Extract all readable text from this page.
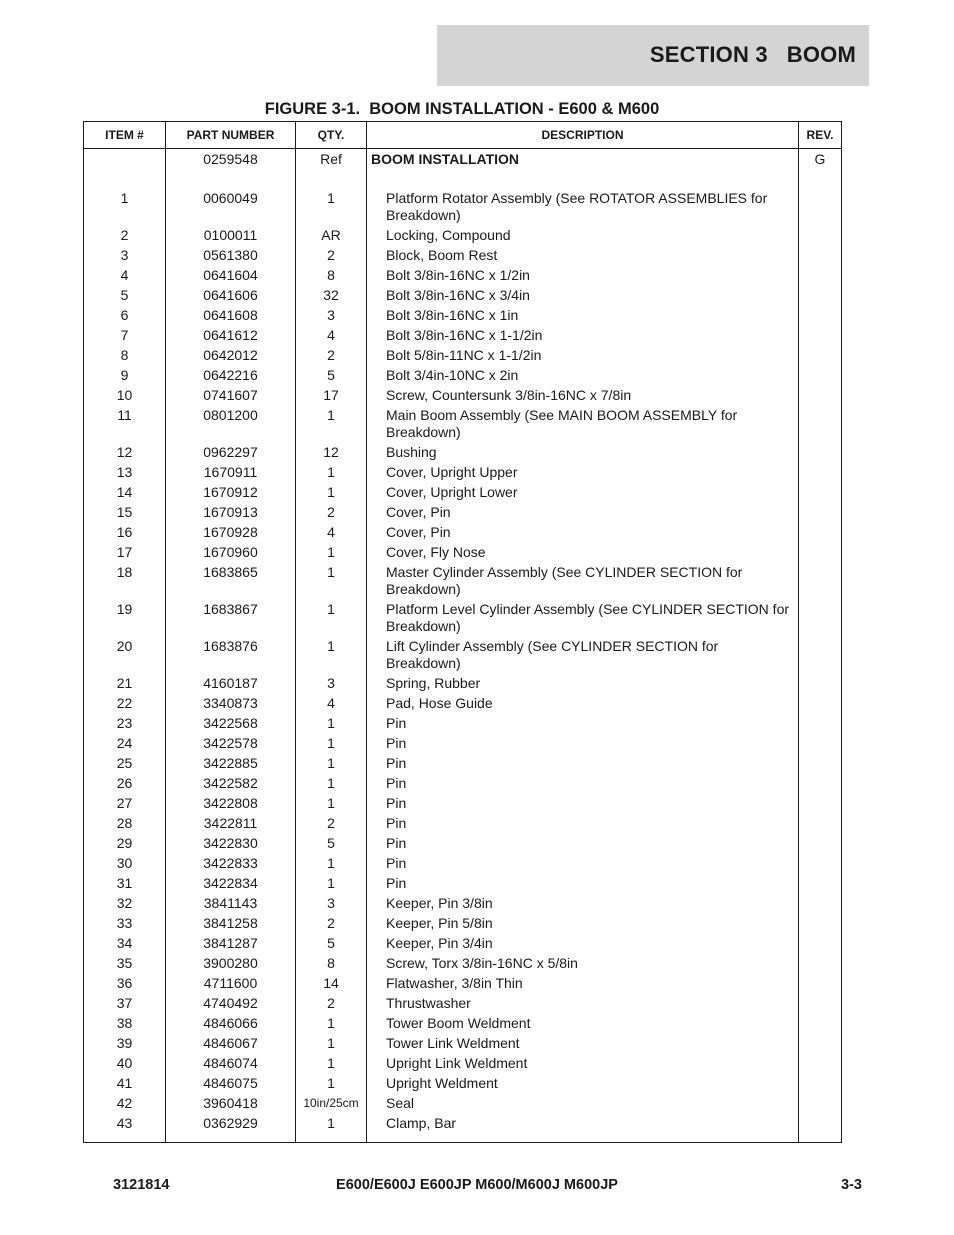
SECTION 3   BOOM
FIGURE 3-1.  BOOM INSTALLATION - E600 & M600
ITEM #	PART NUMBER	QTY.	DESCRIPTION	REV.
	0259548	Ref	BOOM INSTALLATION	G
1	0060049	1	Platform Rotator Assembly (See ROTATOR ASSEMBLIES for Breakdown)	
2	0100011	AR	Locking, Compound	
3	0561380	2	Block, Boom Rest	
4	0641604	8	Bolt 3/8in-16NC x 1/2in	
5	0641606	32	Bolt 3/8in-16NC x 3/4in	
6	0641608	3	Bolt 3/8in-16NC x 1in	
7	0641612	4	Bolt 3/8in-16NC x 1-1/2in	
8	0642012	2	Bolt 5/8in-11NC x 1-1/2in	
9	0642216	5	Bolt 3/4in-10NC x 2in	
10	0741607	17	Screw, Countersunk 3/8in-16NC x 7/8in	
11	0801200	1	Main Boom Assembly (See MAIN BOOM ASSEMBLY for Breakdown)	
12	0962297	12	Bushing	
13	1670911	1	Cover, Upright Upper	
14	1670912	1	Cover, Upright Lower	
15	1670913	2	Cover, Pin	
16	1670928	4	Cover, Pin	
17	1670960	1	Cover, Fly Nose	
18	1683865	1	Master Cylinder Assembly (See CYLINDER SECTION for Breakdown)	
19	1683867	1	Platform Level Cylinder Assembly (See CYLINDER SECTION for Breakdown)	
20	1683876	1	Lift Cylinder Assembly (See CYLINDER SECTION for Breakdown)	
21	4160187	3	Spring, Rubber	
22	3340873	4	Pad, Hose Guide	
23	3422568	1	Pin	
24	3422578	1	Pin	
25	3422885	1	Pin	
26	3422582	1	Pin	
27	3422808	1	Pin	
28	3422811	2	Pin	
29	3422830	5	Pin	
30	3422833	1	Pin	
31	3422834	1	Pin	
32	3841143	3	Keeper, Pin 3/8in	
33	3841258	2	Keeper, Pin 5/8in	
34	3841287	5	Keeper, Pin 3/4in	
35	3900280	8	Screw, Torx 3/8in-16NC x 5/8in	
36	4711600	14	Flatwasher, 3/8in Thin	
37	4740492	2	Thrustwasher	
38	4846066	1	Tower Boom Weldment	
39	4846067	1	Tower Link Weldment	
40	4846074	1	Upright Link Weldment	
41	4846075	1	Upright Weldment	
42	3960418	10in/25cm	Seal	
43	0362929	1	Clamp, Bar	
3121814	E600/E600J E600JP M600/M600J M600JP	3-3
